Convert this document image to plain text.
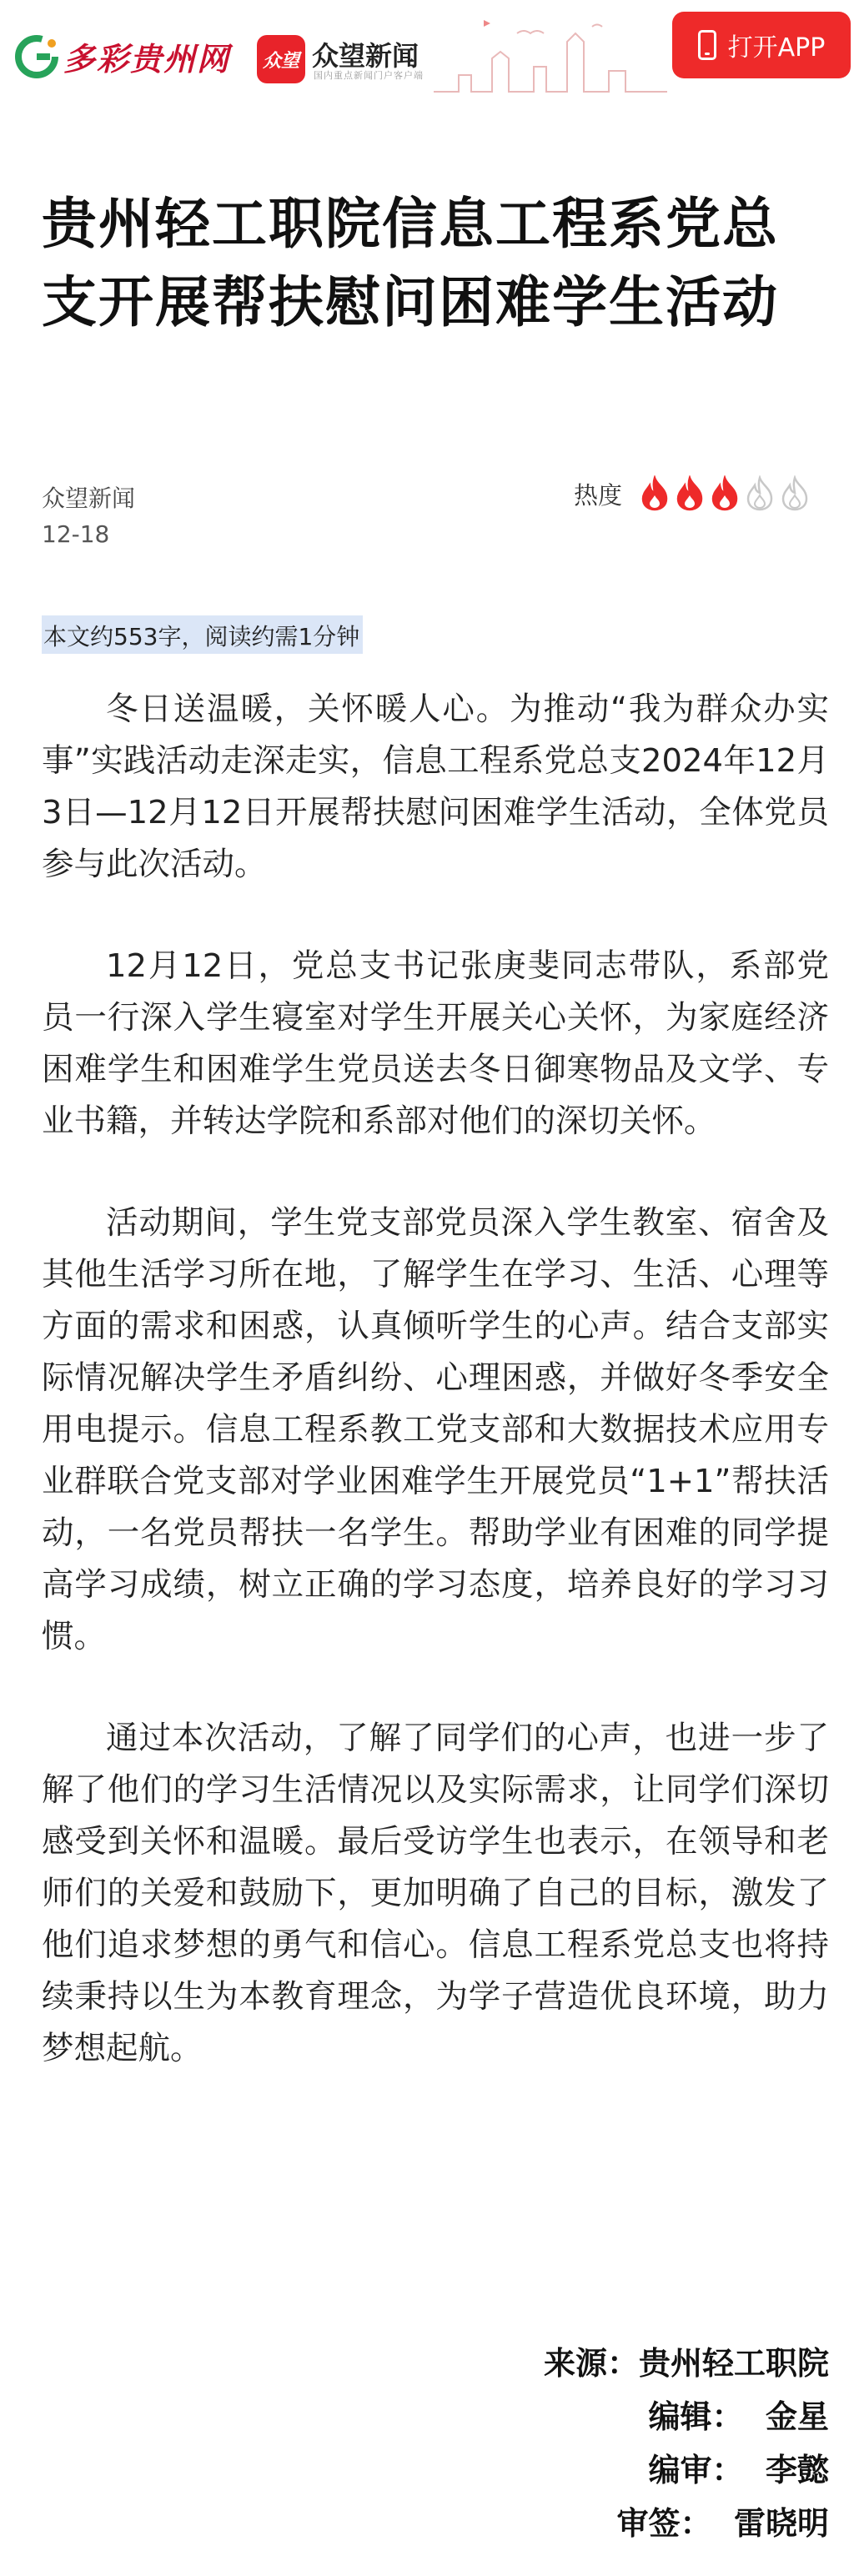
多彩贵州网	众望 众望新闻
国内重点新闻门户客户端
打开APP
贵州轻工职院信息工程系党总支开展帮扶慰问困难学生活动
众望新闻
12-18
热度
本文约553字，阅读约需1分钟

冬日送温暖，关怀暖人心。为推动“我为群众办实事”实践活动走深走实，信息工程系党总支2024年12月3日—12月12日开展帮扶慰问困难学生活动，全体党员参与此次活动。

12月12日，党总支书记张庚斐同志带队，系部党员一行深入学生寝室对学生开展关心关怀，为家庭经济困难学生和困难学生党员送去冬日御寒物品及文学、专业书籍，并转达学院和系部对他们的深切关怀。

活动期间，学生党支部党员深入学生教室、宿舍及其他生活学习所在地，了解学生在学习、生活、心理等方面的需求和困惑，认真倾听学生的心声。结合支部实际情况解决学生矛盾纠纷、心理困惑，并做好冬季安全用电提示。信息工程系教工党支部和大数据技术应用专业群联合党支部对学业困难学生开展党员“1+1”帮扶活动，一名党员帮扶一名学生。帮助学业有困难的同学提高学习成绩，树立正确的学习态度，培养良好的学习习惯。

通过本次活动，了解了同学们的心声，也进一步了解了他们的学习生活情况以及实际需求，让同学们深切感受到关怀和温暖。最后受访学生也表示，在领导和老师们的关爱和鼓励下，更加明确了自己的目标，激发了他们追求梦想的勇气和信心。信息工程系党总支也将持续秉持以生为本教育理念，为学子营造优良环境，助力梦想起航。

来源：贵州轻工职院
编辑：  金星
编审：  李懿
审签：  雷晓明
